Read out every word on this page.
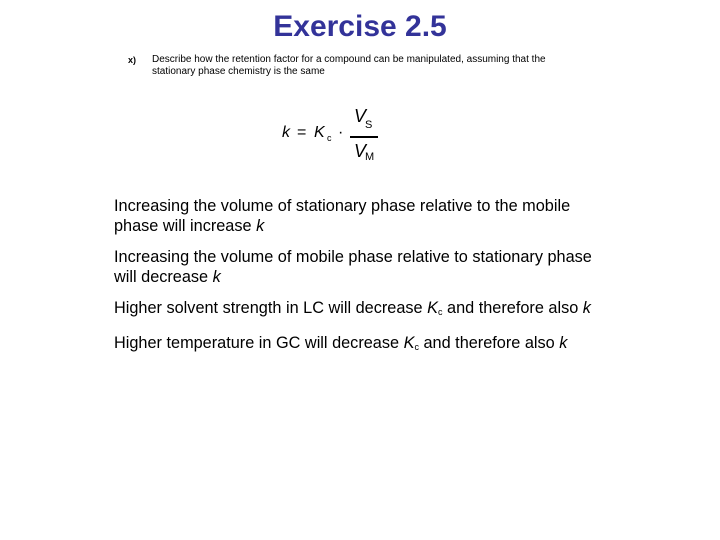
Exercise 2.5
x) Describe how the retention factor for a compound can be manipulated, assuming that the stationary phase chemistry is the same
k = K c ·
V
S
V
M
Increasing the volume of stationary phase relative to the mobile phase will increase k
Increasing the volume of mobile phase relative to stationary phase will decrease k
Higher solvent strength in LC will decrease $K_c$ and therefore also k
Higher temperature in GC will decrease $K_c$ and therefore also k
